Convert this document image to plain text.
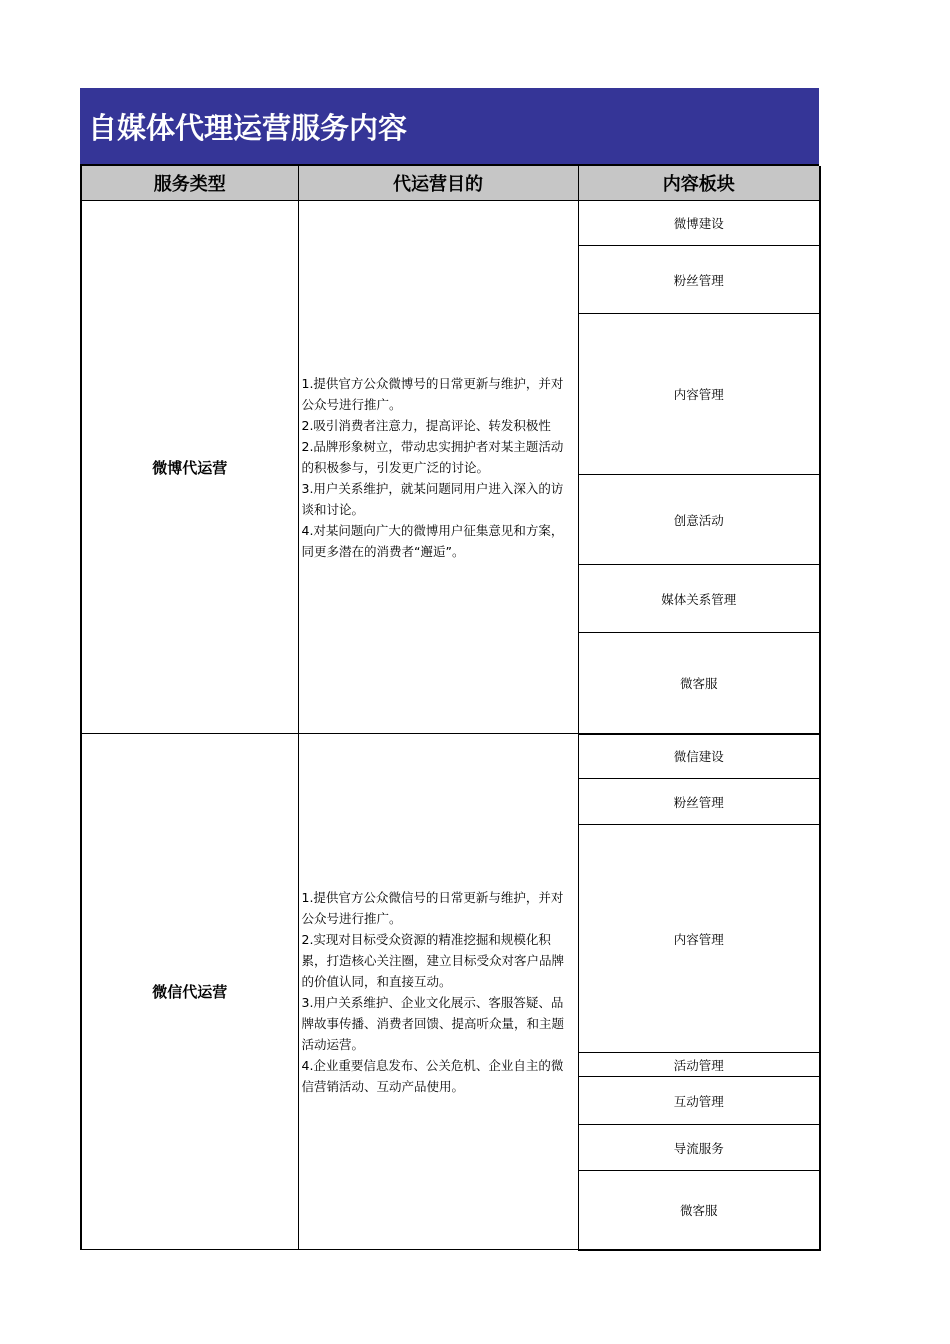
自媒体代理运营服务内容
服务类型	代运营目的	内容板块
微博代运营	1.提供官方公众微博号的日常更新与维护，并对公众号进行推广。
2.吸引消费者注意力，提高评论、转发积极性
2.品牌形象树立，带动忠实拥护者对某主题活动的积极参与，引发更广泛的讨论。
3.用户关系维护，就某问题同用户进入深入的访谈和讨论。
4.对某问题向广大的微博用户征集意见和方案，同更多潜在的消费者“邂逅”。	微博建设
		粉丝管理
		内容管理
		创意活动
		媒体关系管理
		微客服
微信代运营	1.提供官方公众微信号的日常更新与维护，并对公众号进行推广。
2.实现对目标受众资源的精准挖掘和规模化积累，打造核心关注圈，建立目标受众对客户品牌的价值认同，和直接互动。
3.用户关系维护、企业文化展示、客服答疑、品牌故事传播、消费者回馈、提高听众量，和主题活动运营。
4.企业重要信息发布、公关危机、企业自主的微信营销活动、互动产品使用。	微信建设
		粉丝管理
		内容管理
		活动管理
		互动管理
		导流服务
		微客服
